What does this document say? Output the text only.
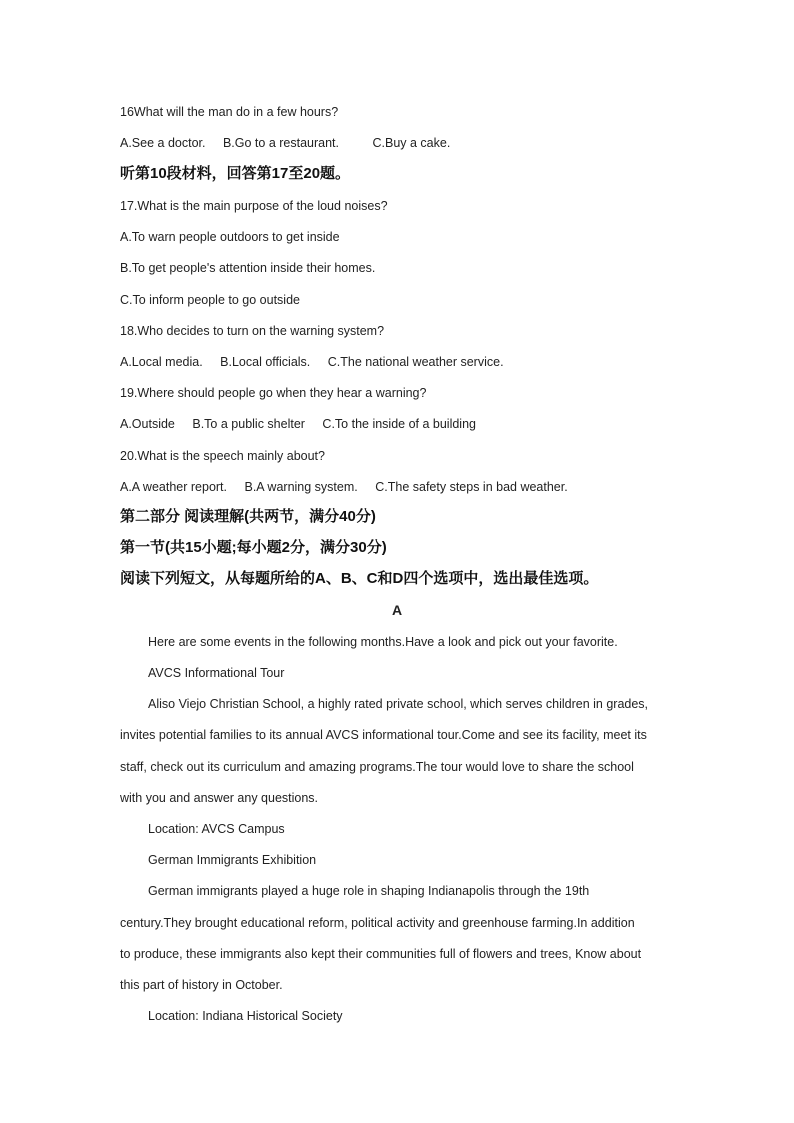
16What will the man do in a few hours?
A.See a doctor. B.Go to a restaurant.	C.Buy a cake.
听第10段材料，回答第17至20题。
17.What is the main purpose of the loud noises?
A.To warn people outdoors to get inside
B.To get people's attention inside their homes.
C.To inform people to go outside
18.Who decides to turn on the warning system?
A.Local media. B.Local officials. C.The national weather service.
19.Where should people go when they hear a warning?
A.Outside B.To a public shelter C.To the inside of a building
20.What is the speech mainly about?
A.A weather report. B.A warning system. C.The safety steps in bad weather.
第二部分 阅读理解(共两节，满分40分)
第一节(共15小题;每小题2分，满分30分)
阅读下列短文，从每题所给的A、B、C和D四个选项中，选出最佳选项。
A
Here are some events in the following months.Have a look and pick out your favorite.
AVCS Informational Tour
Aliso Viejo Christian School, a highly rated private school, which serves children in grades,
invites potential families to its annual AVCS informational tour.Come and see its facility, meet its
staff, check out its curriculum and amazing programs.The tour would love to share the school
with you and answer any questions.
Location: AVCS Campus
German Immigrants Exhibition
German immigrants played a huge role in shaping Indianapolis through the 19th
century.They brought educational reform, political activity and greenhouse farming.In addition
to produce, these immigrants also kept their communities full of flowers and trees, Know about
this part of history in October.
Location: Indiana Historical Society
